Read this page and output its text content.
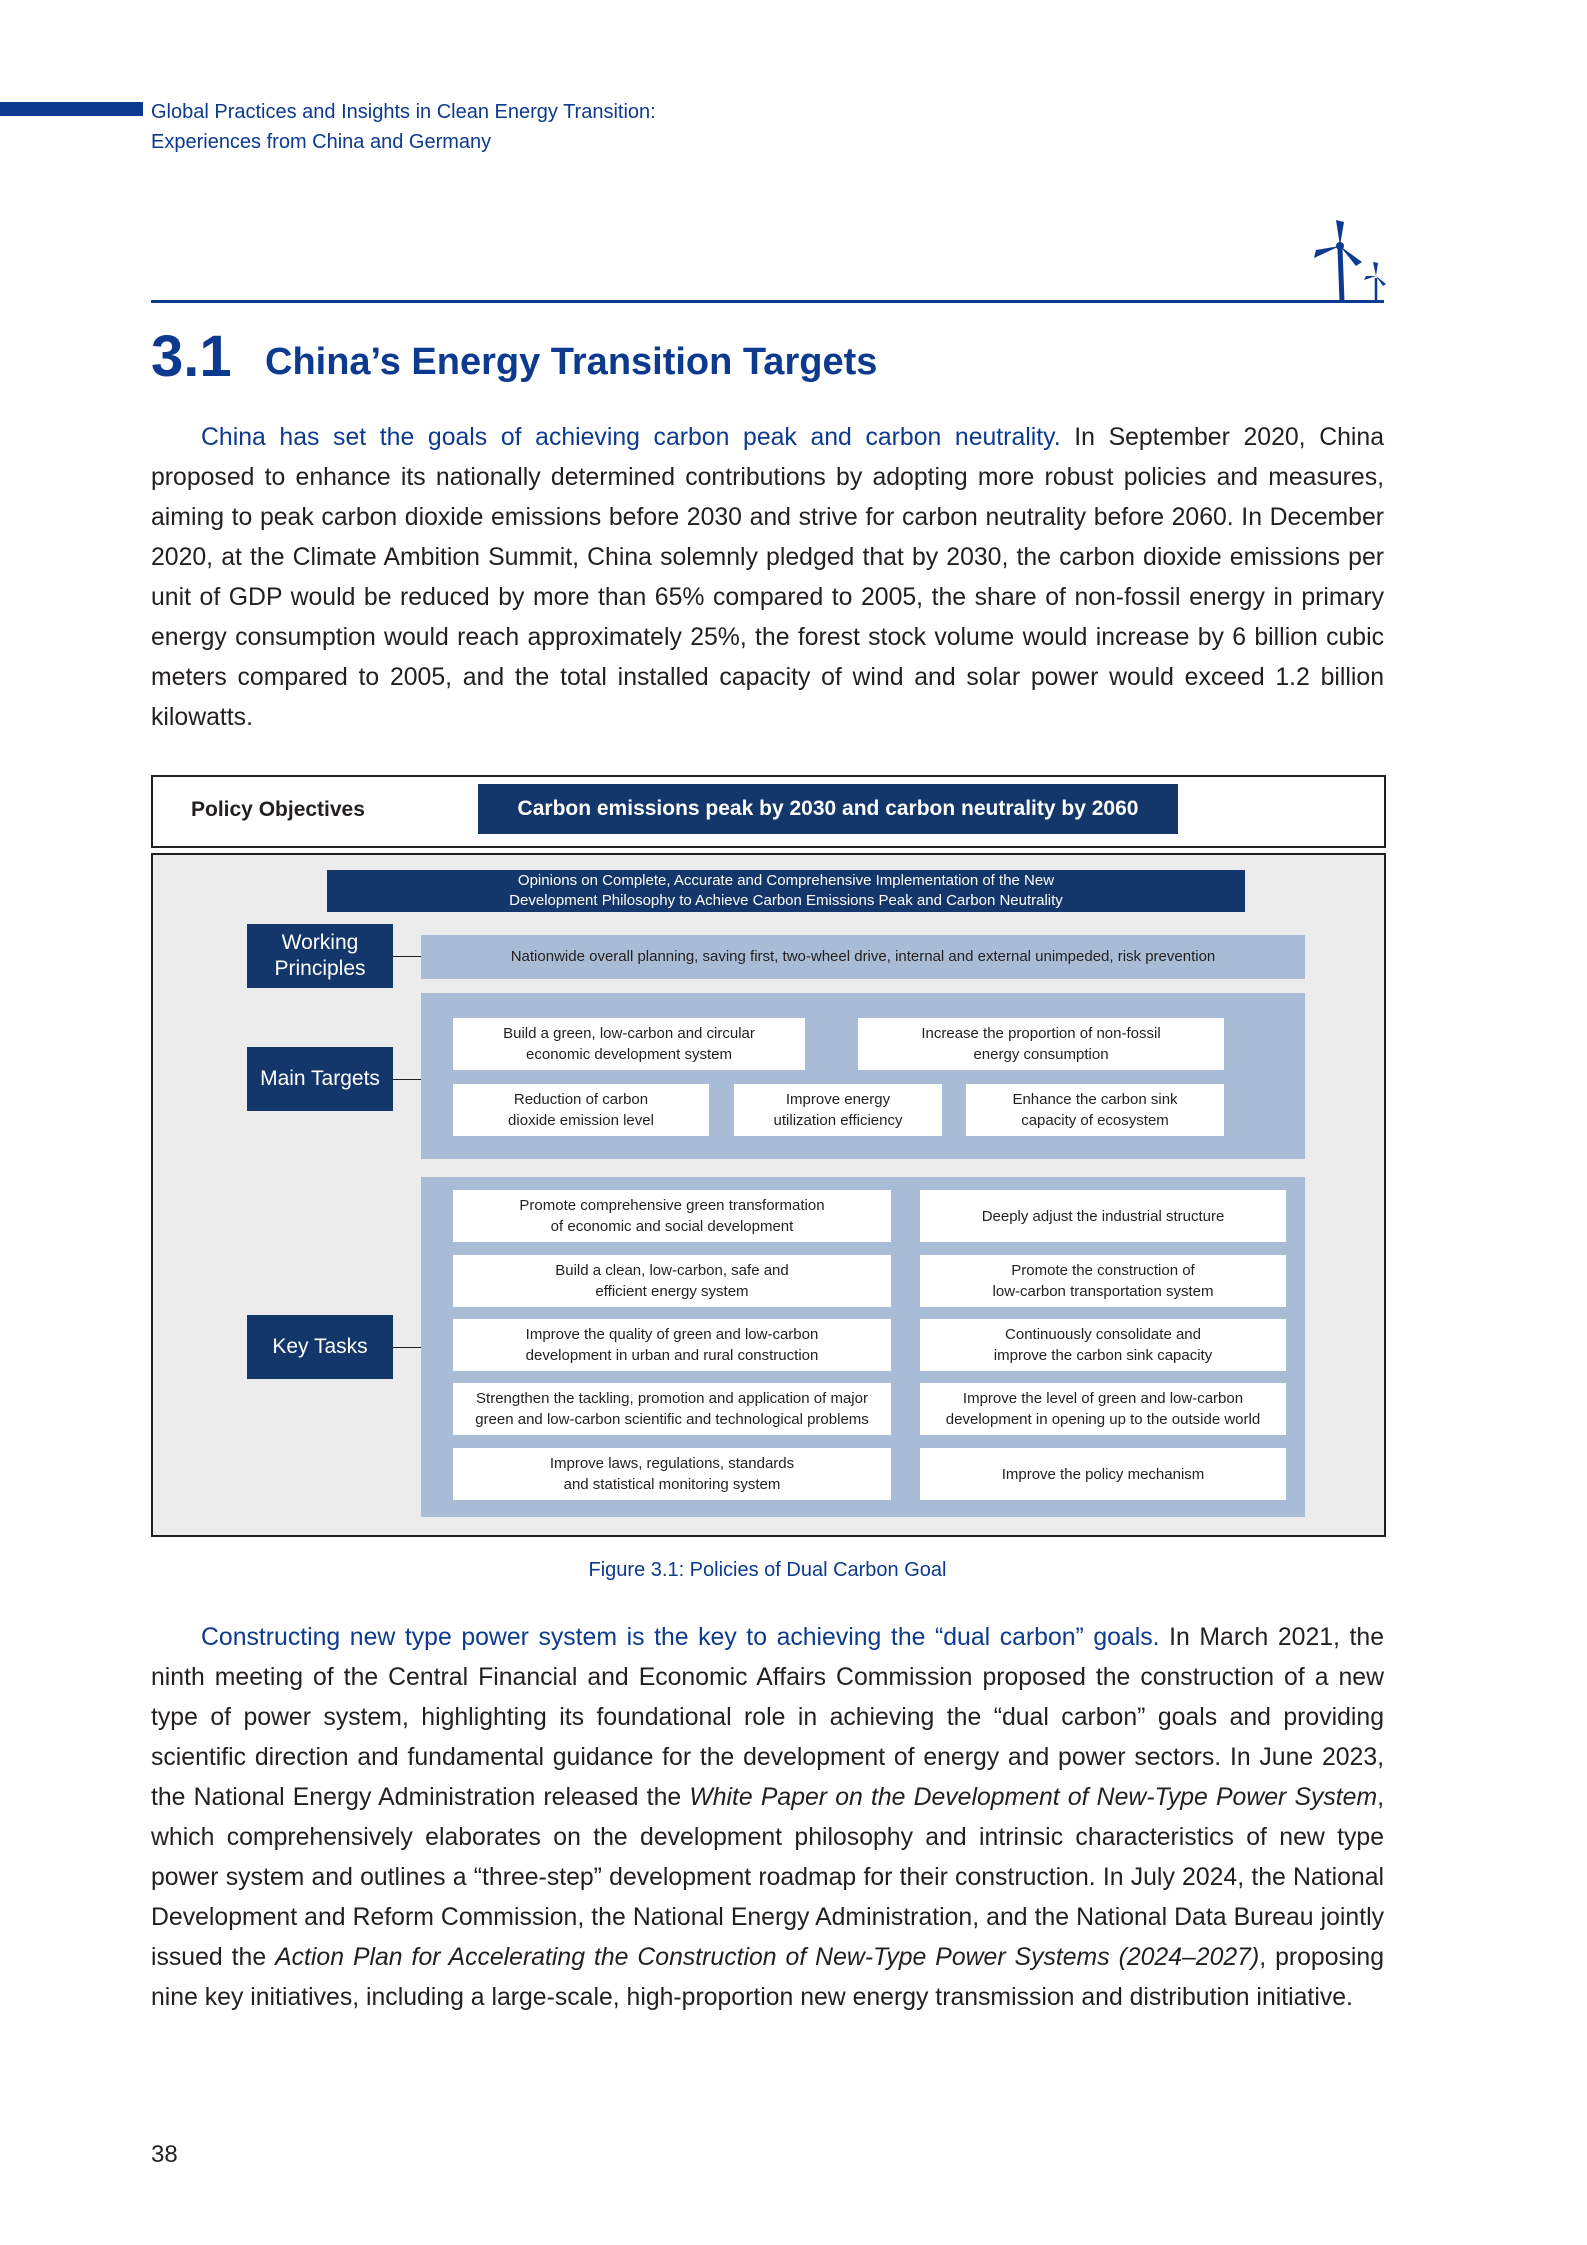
Global Practices and Insights in Clean Energy Transition:
Experiences from China and Germany
3.1 China’s Energy Transition Targets
China has set the goals of achieving carbon peak and carbon neutrality. In September 2020, China proposed to enhance its nationally determined contributions by adopting more robust policies and measures, aiming to peak carbon dioxide emissions before 2030 and strive for carbon neutrality before 2060. In December 2020, at the Climate Ambition Summit, China solemnly pledged that by 2030, the carbon dioxide emissions per unit of GDP would be reduced by more than 65% compared to 2005, the share of non-fossil energy in primary energy consumption would reach approximately 25%, the forest stock volume would increase by 6 billion cubic meters compared to 2005, and the total installed capacity of wind and solar power would exceed 1.2 billion kilowatts.
Policy Objectives	Carbon emissions peak by 2030 and carbon neutrality by 2060
Opinions on Complete, Accurate and Comprehensive Implementation of the New
Development Philosophy to Achieve Carbon Emissions Peak and Carbon Neutrality
Working
Principles
Nationwide overall planning, saving first, two-wheel drive, internal and external unimpeded, risk prevention
Main Targets
Build a green, low-carbon and circular
economic development system
Increase the proportion of non-fossil
energy consumption
Reduction of carbon
dioxide emission level
Improve energy
utilization efficiency
Enhance the carbon sink
capacity of ecosystem
Key Tasks
Promote comprehensive green transformation
of economic and social development
Deeply adjust the industrial structure
Build a clean, low-carbon, safe and
efficient energy system
Promote the construction of
low-carbon transportation system
Improve the quality of green and low-carbon
development in urban and rural construction
Continuously consolidate and
improve the carbon sink capacity
Strengthen the tackling, promotion and application of major
green and low-carbon scientific and technological problems
Improve the level of green and low-carbon
development in opening up to the outside world
Improve laws, regulations, standards
and statistical monitoring system
Improve the policy mechanism
Figure 3.1: Policies of Dual Carbon Goal
Constructing new type power system is the key to achieving the “dual carbon” goals. In March 2021, the ninth meeting of the Central Financial and Economic Affairs Commission proposed the construction of a new type of power system, highlighting its foundational role in achieving the “dual carbon” goals and providing scientific direction and fundamental guidance for the development of energy and power sectors. In June 2023, the National Energy Administration released the White Paper on the Development of New-Type Power System, which comprehensively elaborates on the development philosophy and intrinsic characteristics of new type power system and outlines a “three-step” development roadmap for their construction. In July 2024, the National Development and Reform Commission, the National Energy Administration, and the National Data Bureau jointly issued the Action Plan for Accelerating the Construction of New-Type Power Systems (2024–2027), proposing nine key initiatives, including a large-scale, high-proportion new energy transmission and distribution initiative.
38
